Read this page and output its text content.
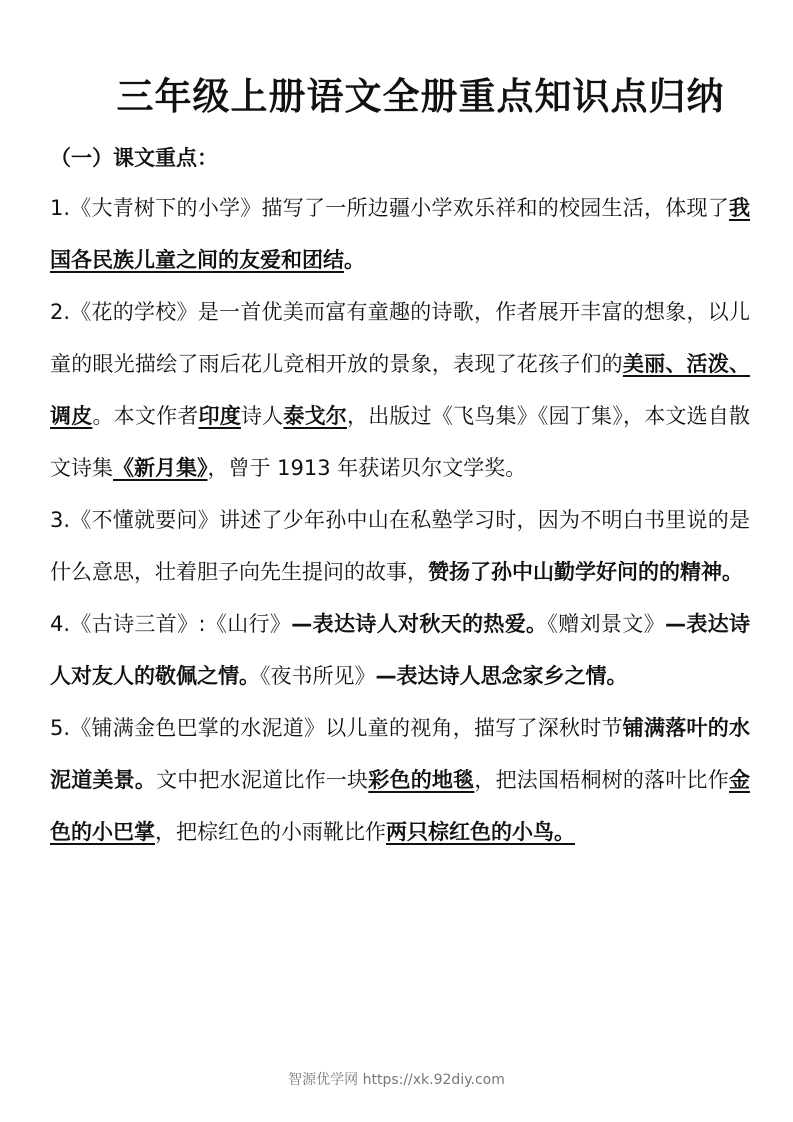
三年级上册语文全册重点知识点归纳
（一）课文重点：

1.《大青树下的小学》描写了一所边疆小学欢乐祥和的校园生活，体现了我国各民族儿童之间的友爱和团结。

2.《花的学校》是一首优美而富有童趣的诗歌，作者展开丰富的想象，以儿童的眼光描绘了雨后花儿竞相开放的景象，表现了花孩子们的美丽、活泼、调皮。本文作者印度诗人泰戈尔，出版过《飞鸟集》《园丁集》，本文选自散文诗集《新月集》，曾于 1913 年获诺贝尔文学奖。

3.《不懂就要问》讲述了少年孙中山在私塾学习时，因为不明白书里说的是什么意思，壮着胆子向先生提问的故事，赞扬了孙中山勤学好问的的精神。

4.《古诗三首》:《山行》—表达诗人对秋天的热爱。《赠刘景文》—表达诗人对友人的敬佩之情。《夜书所见》—表达诗人思念家乡之情。

5.《铺满金色巴掌的水泥道》以儿童的视角，描写了深秋时节铺满落叶的水泥道美景。文中把水泥道比作一块彩色的地毯，把法国梧桐树的落叶比作金色的小巴掌，把棕红色的小雨靴比作两只棕红色的小鸟。

智源优学网 https://xk.92diy.com
